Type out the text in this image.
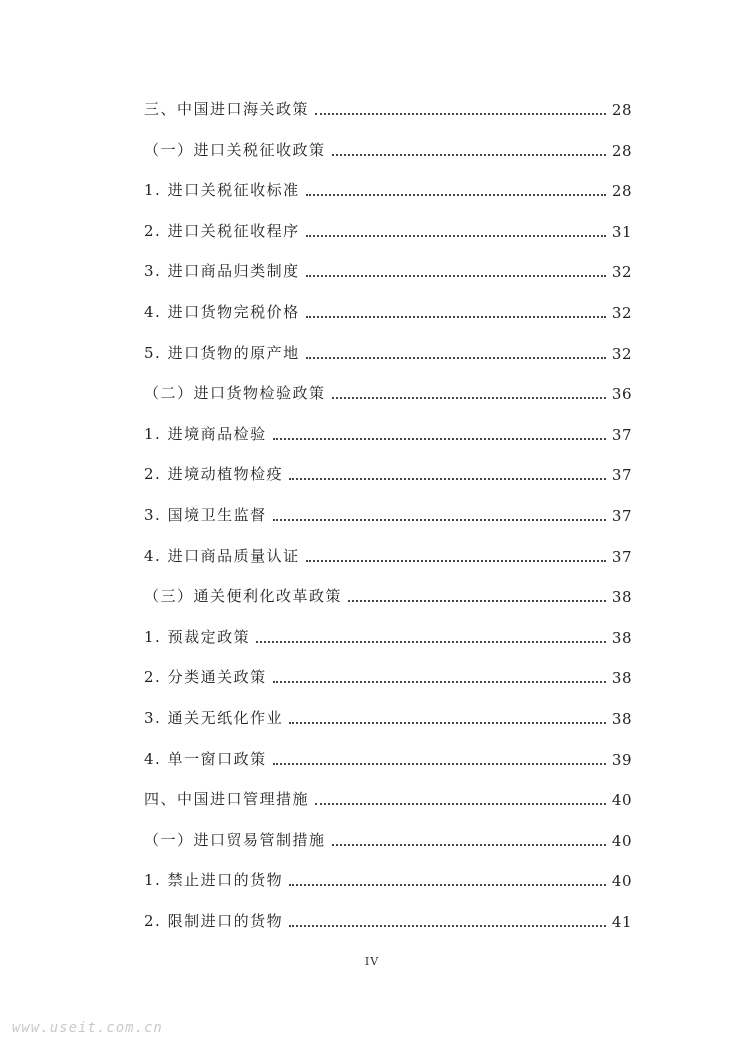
三、中国进口海关政策	28
（一）进口关税征收政策	28
1. 进口关税征收标准	28
2. 进口关税征收程序	31
3. 进口商品归类制度	32
4. 进口货物完税价格	32
5. 进口货物的原产地	32
（二）进口货物检验政策	36
1. 进境商品检验	37
2. 进境动植物检疫	37
3. 国境卫生监督	37
4. 进口商品质量认证	37
（三）通关便利化改革政策	38
1. 预裁定政策	38
2. 分类通关政策	38
3. 通关无纸化作业	38
4. 单一窗口政策	39
四、中国进口管理措施	40
（一）进口贸易管制措施	40
1. 禁止进口的货物	40
2. 限制进口的货物	41
IV
www.useit.com.cn
